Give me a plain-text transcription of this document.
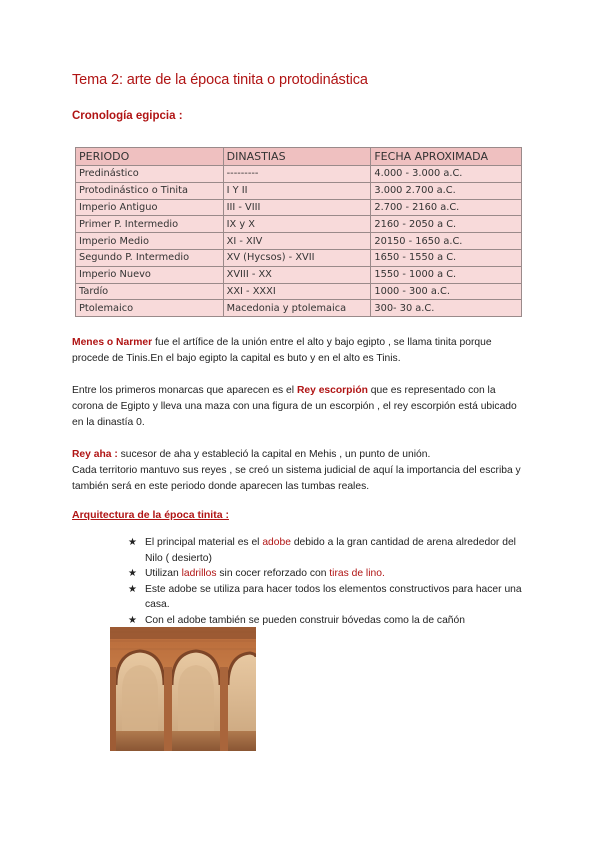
Tema 2: arte de la época tinita o protodinástica
Cronología egipcia :
PERIODO	DINASTIAS	FECHA APROXIMADA
Predinástico	---------	4.000 - 3.000 a.C.
Protodinástico o Tinita	I Y II	3.000 2.700 a.C.
Imperio Antiguo	III - VIII	2.700 - 2160 a.C.
Primer P. Intermedio	IX y X	2160 - 2050 a C.
Imperio Medio	XI - XIV	20150 - 1650 a.C.
Segundo P. Intermedio	XV (Hycsos) - XVII	1650 - 1550 a C.
Imperio Nuevo	XVIII - XX	1550 - 1000 a C.
Tardío	XXI - XXXI	1000 - 300 a.C.
Ptolemaico	Macedonia y ptolemaica	300- 30 a.C.

Menes o Narmer fue el artífice de la unión entre el alto y bajo egipto , se llama tinita porque procede de Tinis.En el bajo egipto la capital es buto y en el alto es Tinis.

Entre los primeros monarcas que aparecen es el Rey escorpión que es representado con la corona de Egipto y lleva una maza con una figura de un escorpión , el rey escorpión está ubicado en la dinastía 0.

Rey aha : sucesor de aha y estableció la capital en Mehis , un punto de unión.
Cada territorio mantuvo sus reyes , se creó un sistema judicial de aquí la importancia del escriba y también será en este periodo donde aparecen las tumbas reales.

Arquitectura de la época tinita :
★ El principal material es el adobe debido a la gran cantidad de arena alrededor del Nilo ( desierto)
★ Utilizan ladrillos sin cocer reforzado con tiras de lino.
★ Este adobe se utiliza para hacer todos los elementos constructivos para hacer una casa.
★ Con el adobe también se pueden construir bóvedas como la de cañón
